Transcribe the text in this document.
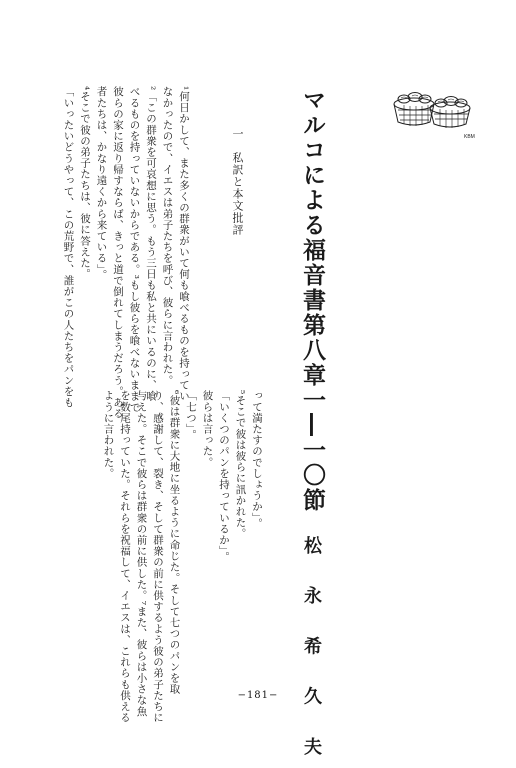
KBM
マルコによる福音書第八章一―一〇節
松 永 希 久 夫
一　私訳と本文批評

¹何日かして、また多くの群衆がいて何も喰べるものを持ってい

なかったので、イエスは弟子たちを呼び、彼らに言われた。

²「この群衆を可哀想に思う。もう三日も私と共にいるのに、喰

べるものを持っていないからである。³もし彼らを喰べないままで

彼らの家に返り帰すならば、きっと道で倒れてしまうだろう。ある

者たちは、かなり遠くから来ている」。

⁴そこで彼の弟子たちは、彼に答えた。

「いったいどうやって、この荒野で、誰がこの人たちをパンをも

って満たすのでしょうか」。

⁵そこで彼は彼らに訊かれた。

「いくつのパンを持っているか」。

彼らは言った。

「七つ」。

⁶彼は群衆に大地に坐るように命じた。そして七つのパンを取

り、感謝して、裂き、そして群衆の前に供するよう彼の弟子たちに

与えた。そこで彼らは群衆の前に供した。⁷また、彼らは小さな魚

を数尾持っていた。それらを祝福して、イエスは、これらも供える

ように言われた。

−181−
